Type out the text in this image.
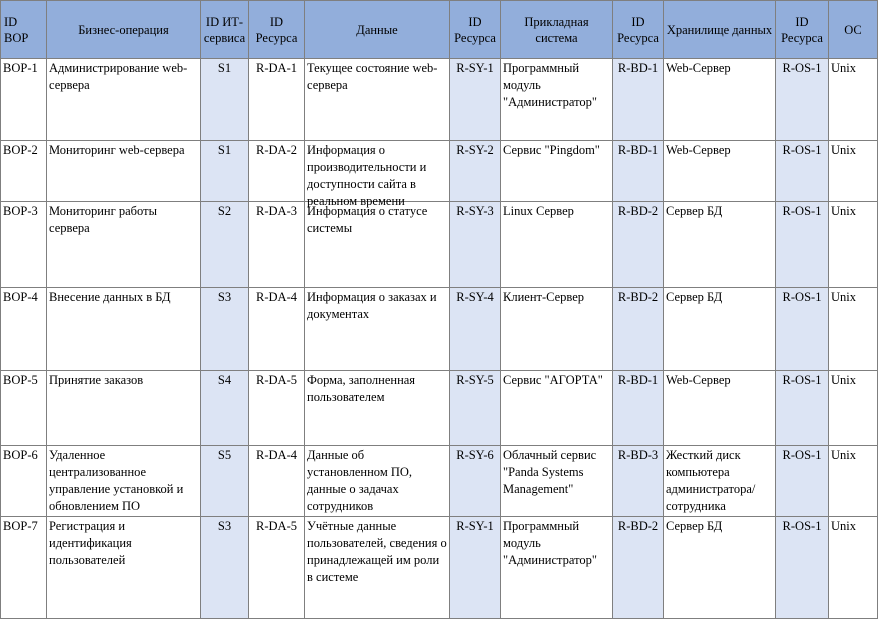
ID BOP	Бизнес-операция	ID ИТ-сервиса	ID Ресурса	Данные	ID Ресурса	Прикладная система	ID Ресурса	Хранилище данных	ID Ресурса	ОС
BOP-1	Администрирование web-сервера	S1	R-DA-1	Текущее состояние web-сервера	R-SY-1	Программный модуль "Администратор"	R-BD-1	Web-Сервер	R-OS-1	Unix
BOP-2	Мониторинг web-сервера	S1	R-DA-2	Информация о производительности и доступности сайта в реальном времени	R-SY-2	Сервис "Pingdom"	R-BD-1	Web-Сервер	R-OS-1	Unix
BOP-3	Мониторинг работы сервера	S2	R-DA-3	Информация о статусе системы	R-SY-3	Linux Сервер	R-BD-2	Сервер БД	R-OS-1	Unix
BOP-4	Внесение данных в БД	S3	R-DA-4	Информация о заказах и документах	R-SY-4	Клиент-Сервер	R-BD-2	Сервер БД	R-OS-1	Unix
BOP-5	Принятие заказов	S4	R-DA-5	Форма, заполненная пользователем	R-SY-5	Сервис "АГОРТА"	R-BD-1	Web-Сервер	R-OS-1	Unix
BOP-6	Удаленное централизованное управление установкой и обновлением ПО	S5	R-DA-4	Данные об установленном ПО, данные о задачах сотрудников	R-SY-6	Облачный сервис "Panda Systems Management"	R-BD-3	Жесткий диск компьютера администратора/сотрудника	R-OS-1	Unix
BOP-7	Регистрация и идентификация пользователей	S3	R-DA-5	Учётные данные пользователей, сведения о принадлежащей им роли в системе	R-SY-1	Программный модуль "Администратор"	R-BD-2	Сервер БД	R-OS-1	Unix
